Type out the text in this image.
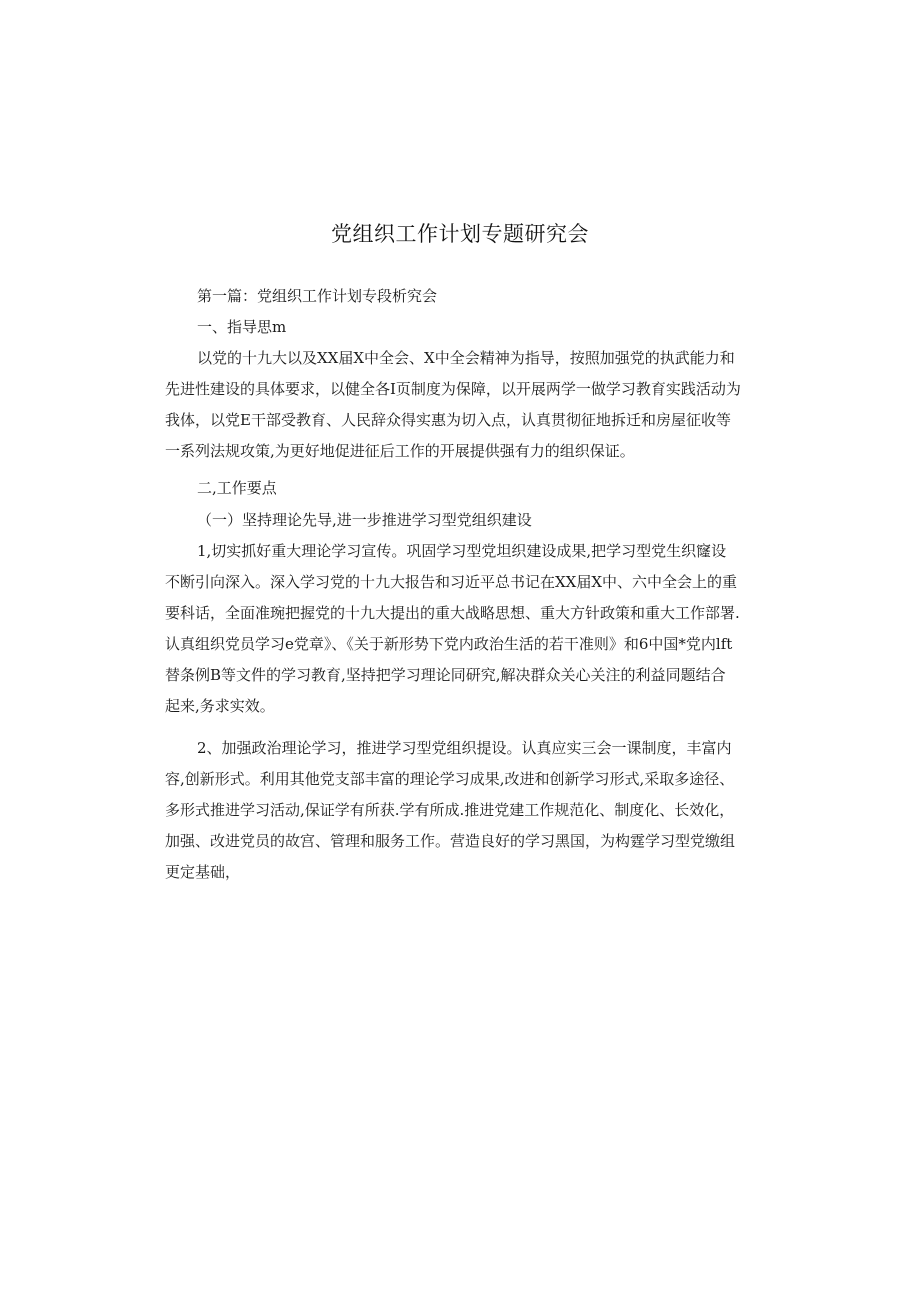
党组织工作计划专题研究会

第一篇：党组织工作计划专段析究会

一、指导思m

以党的十九大以及XX届X中全会、X中全会精神为指导，按照加强党的执武能力和
先进性建设的具体要求，以健全各I页制度为保障，以开展两学一做学习教育实践活动为
我体，以党E干部受教育、人民辞众得实惠为切入点，认真贯彻征地拆迁和房屋征收等
一系列法规攻策,为更好地促进征后工作的开展提供强有力的组织保证。

二,工作要点

（一）坚持理论先导,进一步推进学习型党组织建设

1,切实抓好重大理论学习宣传。巩固学习型党坦织建设成果,把学习型党生织窿设
不断引向深入。深入学习党的十九大报告和习近平总书记在XX届X中、六中全会上的重
要科话，全面准琬把握党的十九大提出的重大战略思想、重大方针政策和重大工作部署.
认真组织党员学习e党章》、《关于新形势下党内政治生活的若干准则》和6中国*党内lft
替条例B等文件的学习教育,坚持把学习理论同研究,解决群众关心关注的利益同题结合
起来,务求实效。
2、加强政治理论学习，推进学习型党组织提设。认真应实三会一课制度，丰富内
容,创新形式。利用其他党支部丰富的理论学习成果,改进和创新学习形式,采取多途径、
多形式推进学习活动,保证学有所获.学有所成.推进党建工作规范化、制度化、长效化，
加强、改进党员的故宫、管理和服务工作。营造良好的学习黑国，为构霆学习型党缴组
更定基础，
